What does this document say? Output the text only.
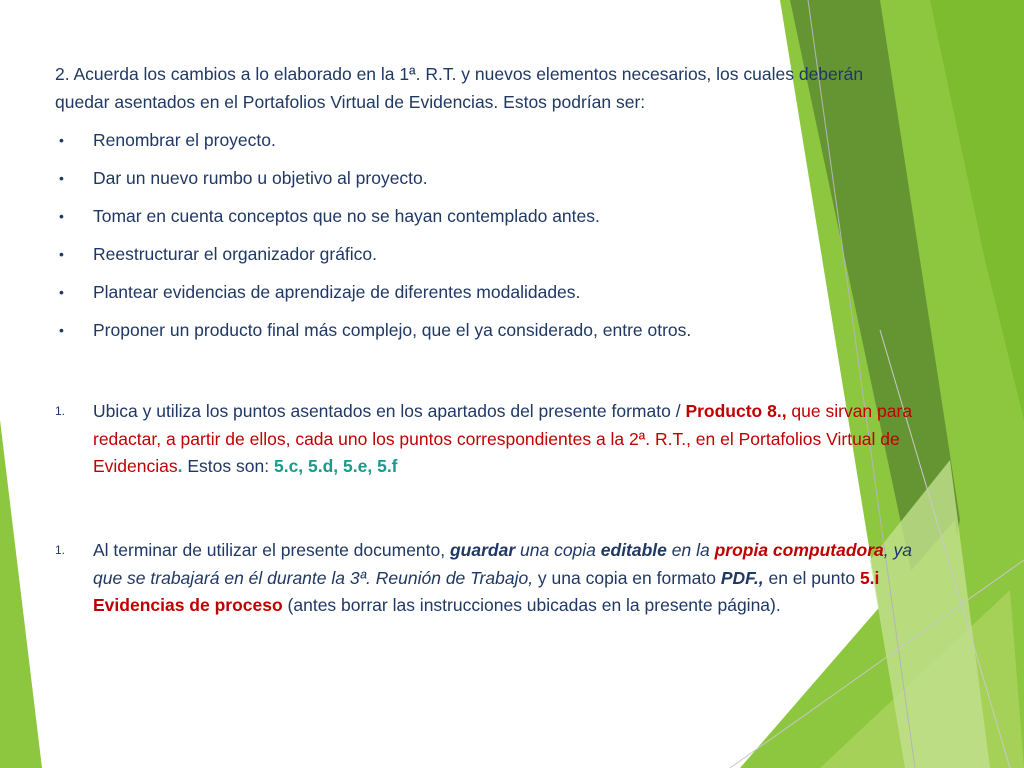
2. Acuerda los cambios a lo elaborado en la 1ª. R.T. y nuevos elementos necesarios, los cuales deberán quedar asentados en el Portafolios Virtual de Evidencias. Estos podrían ser:

• Renombrar el proyecto.
• Dar un nuevo rumbo u objetivo al proyecto.
• Tomar en cuenta conceptos que no se hayan contemplado antes.
• Reestructurar el organizador gráfico.
• Plantear evidencias de aprendizaje de diferentes modalidades.
• Proponer un producto final más complejo, que el ya considerado, entre otros.
1. Ubica y utiliza los puntos asentados en los apartados del presente formato / Producto 8., que sirvan para redactar, a partir de ellos, cada uno los puntos correspondientes a la 2ª. R.T., en el Portafolios Virtual de Evidencias. Estos son: 5.c, 5.d, 5.e, 5.f
1. Al terminar de utilizar el presente documento, guardar una copia editable en la propia computadora, ya que se trabajará en él durante la 3ª. Reunión de Trabajo, y una copia en formato PDF., en el punto 5.i Evidencias de proceso (antes borrar las instrucciones ubicadas en la presente página).
